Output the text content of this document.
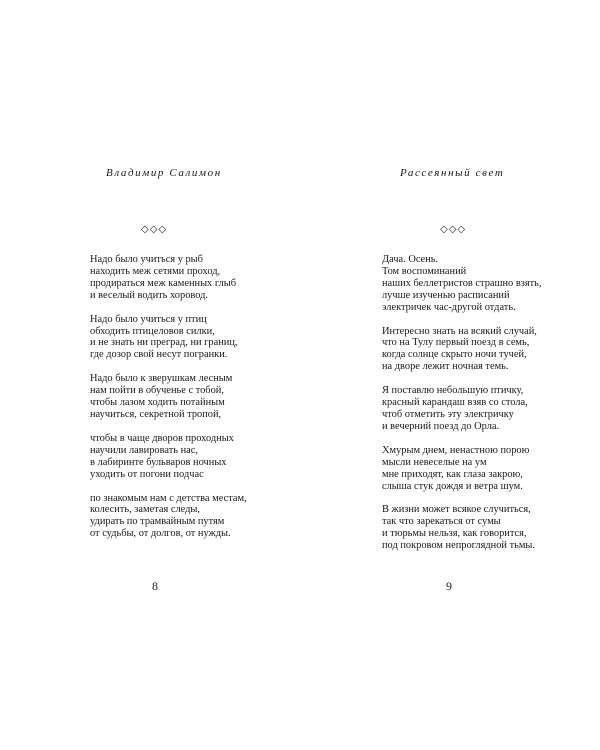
Владимир Салимон
◇◇◇
Надо было учиться у рыб
находить меж сетями проход,
продираться меж каменных глыб
и веселый водить хоровод.
Надо было учиться у птиц
обходить птицеловов силки,
и не знать ни преград, ни границ,
где дозор свой несут погранки.
Надо было к зверушкам лесным
нам пойти в обученье с тобой,
чтобы лазом ходить потайным
научиться, секретной тропой,
чтобы в чаще дворов проходных
научили лавировать нас,
в лабиринте бульваров ночных
уходить от погони подчас
по знакомым нам с детства местам,
колесить, заметая следы,
удирать по трамвайным путям
от судьбы, от долгов, от нужды.
8
Рассеянный свет
◇◇◇
Дача. Осень.
Том воспоминаний
наших беллетристов страшно взять,
лучше изученью расписаний
электричек час-другой отдать.
Интересно знать на всякий случай,
что на Тулу первый поезд в семь,
когда солнце скрыто ночи тучей,
на дворе лежит ночная темь.
Я поставлю небольшую птичку,
красный карандаш взяв со стола,
чтоб отметить эту электричку
и вечерний поезд до Орла.
Хмурым днем, ненастною порою
мысли невеселые на ум
мне приходят, как глаза закрою,
слыша стук дождя и ветра шум.
В жизни может всякое случиться,
так что зарекаться от сумы
и тюрьмы нельзя, как говорится,
под покровом непроглядной тьмы.
9
